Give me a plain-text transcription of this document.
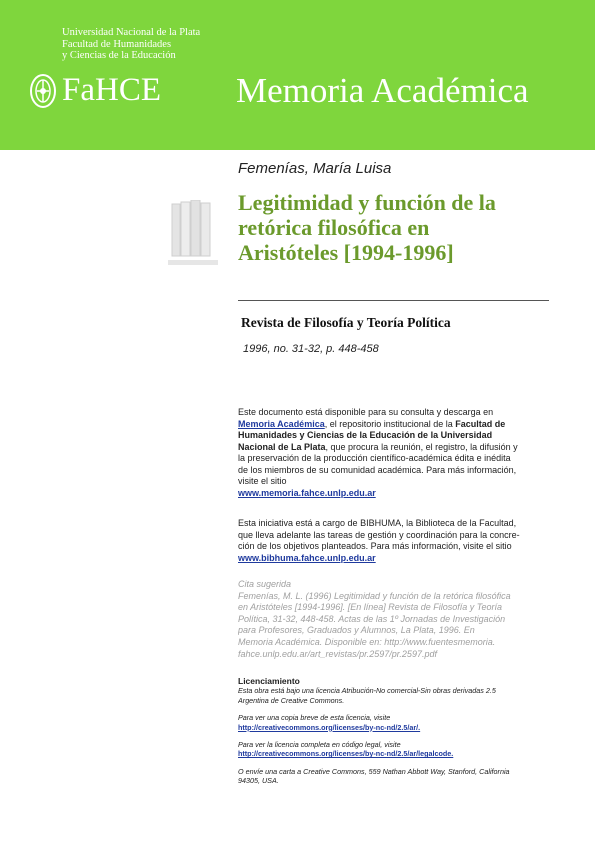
Universidad Nacional de la Plata
Facultad de Humanidades
y Ciencias de la Educación
FaHCE Memoria Académica
Femenías, María Luisa
Legitimidad y función de la
retórica filosófica en
Aristóteles [1994-1996]
Revista de Filosofía y Teoría Política
1996, no. 31-32, p. 448-458
Este documento está disponible para su consulta y descarga en
Memoria Académica, el repositorio institucional de la Facultad de
Humanidades y Ciencias de la Educación de la Universidad
Nacional de La Plata, que procura la reunión, el registro, la difusión y
la preservación de la producción científico-académica édita e inédita
de los miembros de su comunidad académica. Para más información,
visite el sitio
www.memoria.fahce.unlp.edu.ar
Esta iniciativa está a cargo de BIBHUMA, la Biblioteca de la Facultad,
que lleva adelante las tareas de gestión y coordinación para la concre-
ción de los objetivos planteados. Para más información, visite el sitio
www.bibhuma.fahce.unlp.edu.ar
Cita sugerida
Femenías, M. L. (1996) Legitimidad y función de la retórica filosófica
en Aristóteles [1994-1996]. [En línea] Revista de Filosofía y Teoría
Política, 31-32, 448-458. Actas de las 1º Jornadas de Investigación
para Profesores, Graduados y Alumnos, La Plata, 1996. En
Memoria Académica. Disponible en: http://www.fuentesmemoria.
fahce.unlp.edu.ar/art_revistas/pr.2597/pr.2597.pdf
Licenciamiento
Esta obra está bajo una licencia Atribución-No comercial-Sin obras derivadas 2.5
Argentina de Creative Commons.
Para ver una copia breve de esta licencia, visite
http://creativecommons.org/licenses/by-nc-nd/2.5/ar/.
Para ver la licencia completa en código legal, visite
http://creativecommons.org/licenses/by-nc-nd/2.5/ar/legalcode.
O envíe una carta a Creative Commons, 559 Nathan Abbott Way, Stanford, California
94305, USA.
